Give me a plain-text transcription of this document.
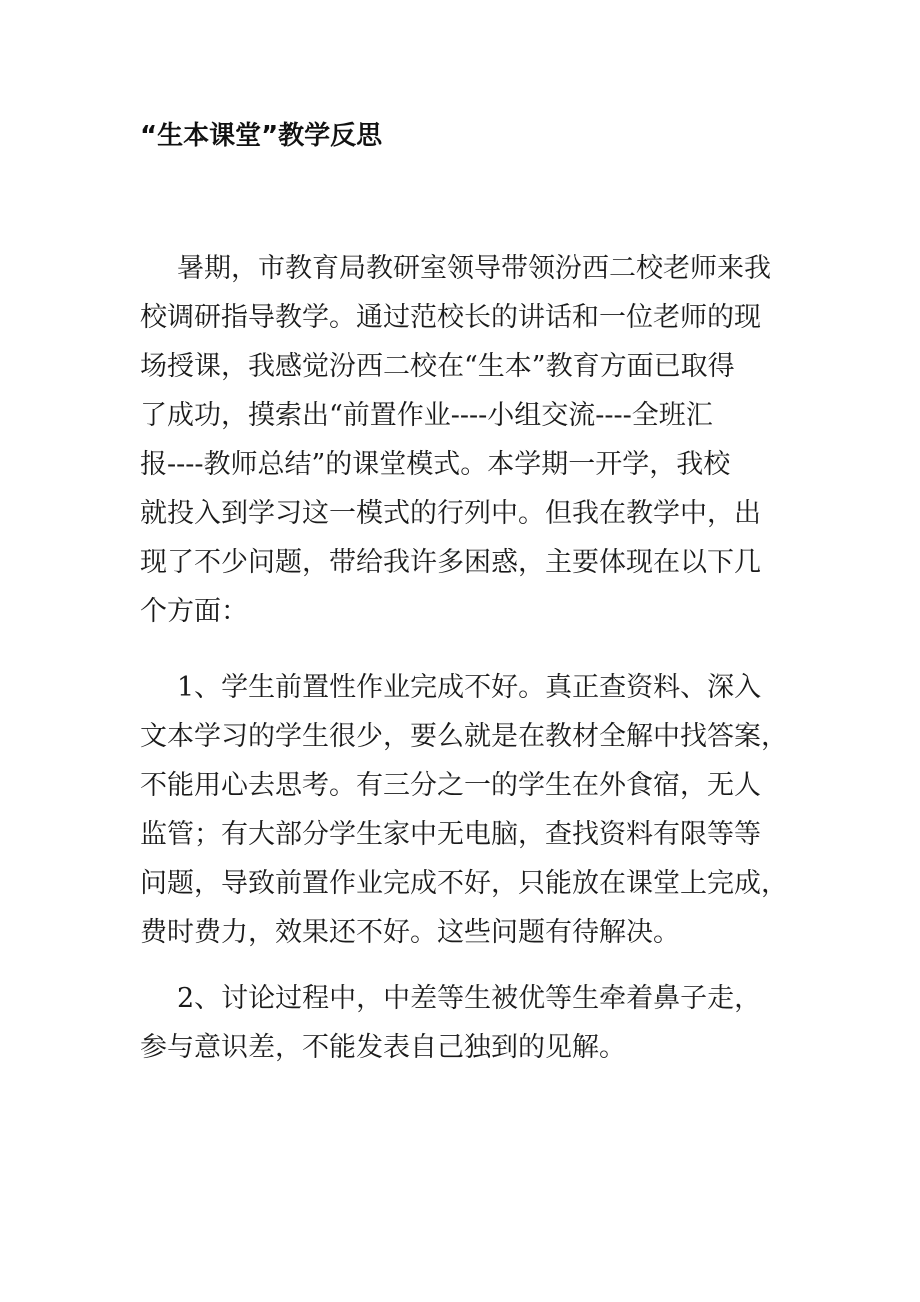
“生本课堂”教学反思
暑期，市教育局教研室领导带领汾西二校老师来我
校调研指导教学。通过范校长的讲话和一位老师的现
场授课，我感觉汾西二校在“生本”教育方面已取得
了成功，摸索出“前置作业----小组交流----全班汇
报----教师总结”的课堂模式。本学期一开学，我校
就投入到学习这一模式的行列中。但我在教学中，出
现了不少问题，带给我许多困惑，主要体现在以下几
个方面：
1、学生前置性作业完成不好。真正查资料、深入
文本学习的学生很少，要么就是在教材全解中找答案，
不能用心去思考。有三分之一的学生在外食宿，无人
监管；有大部分学生家中无电脑，查找资料有限等等
问题，导致前置作业完成不好，只能放在课堂上完成，
费时费力，效果还不好。这些问题有待解决。
2、讨论过程中，中差等生被优等生牵着鼻子走，
参与意识差，不能发表自己独到的见解。
